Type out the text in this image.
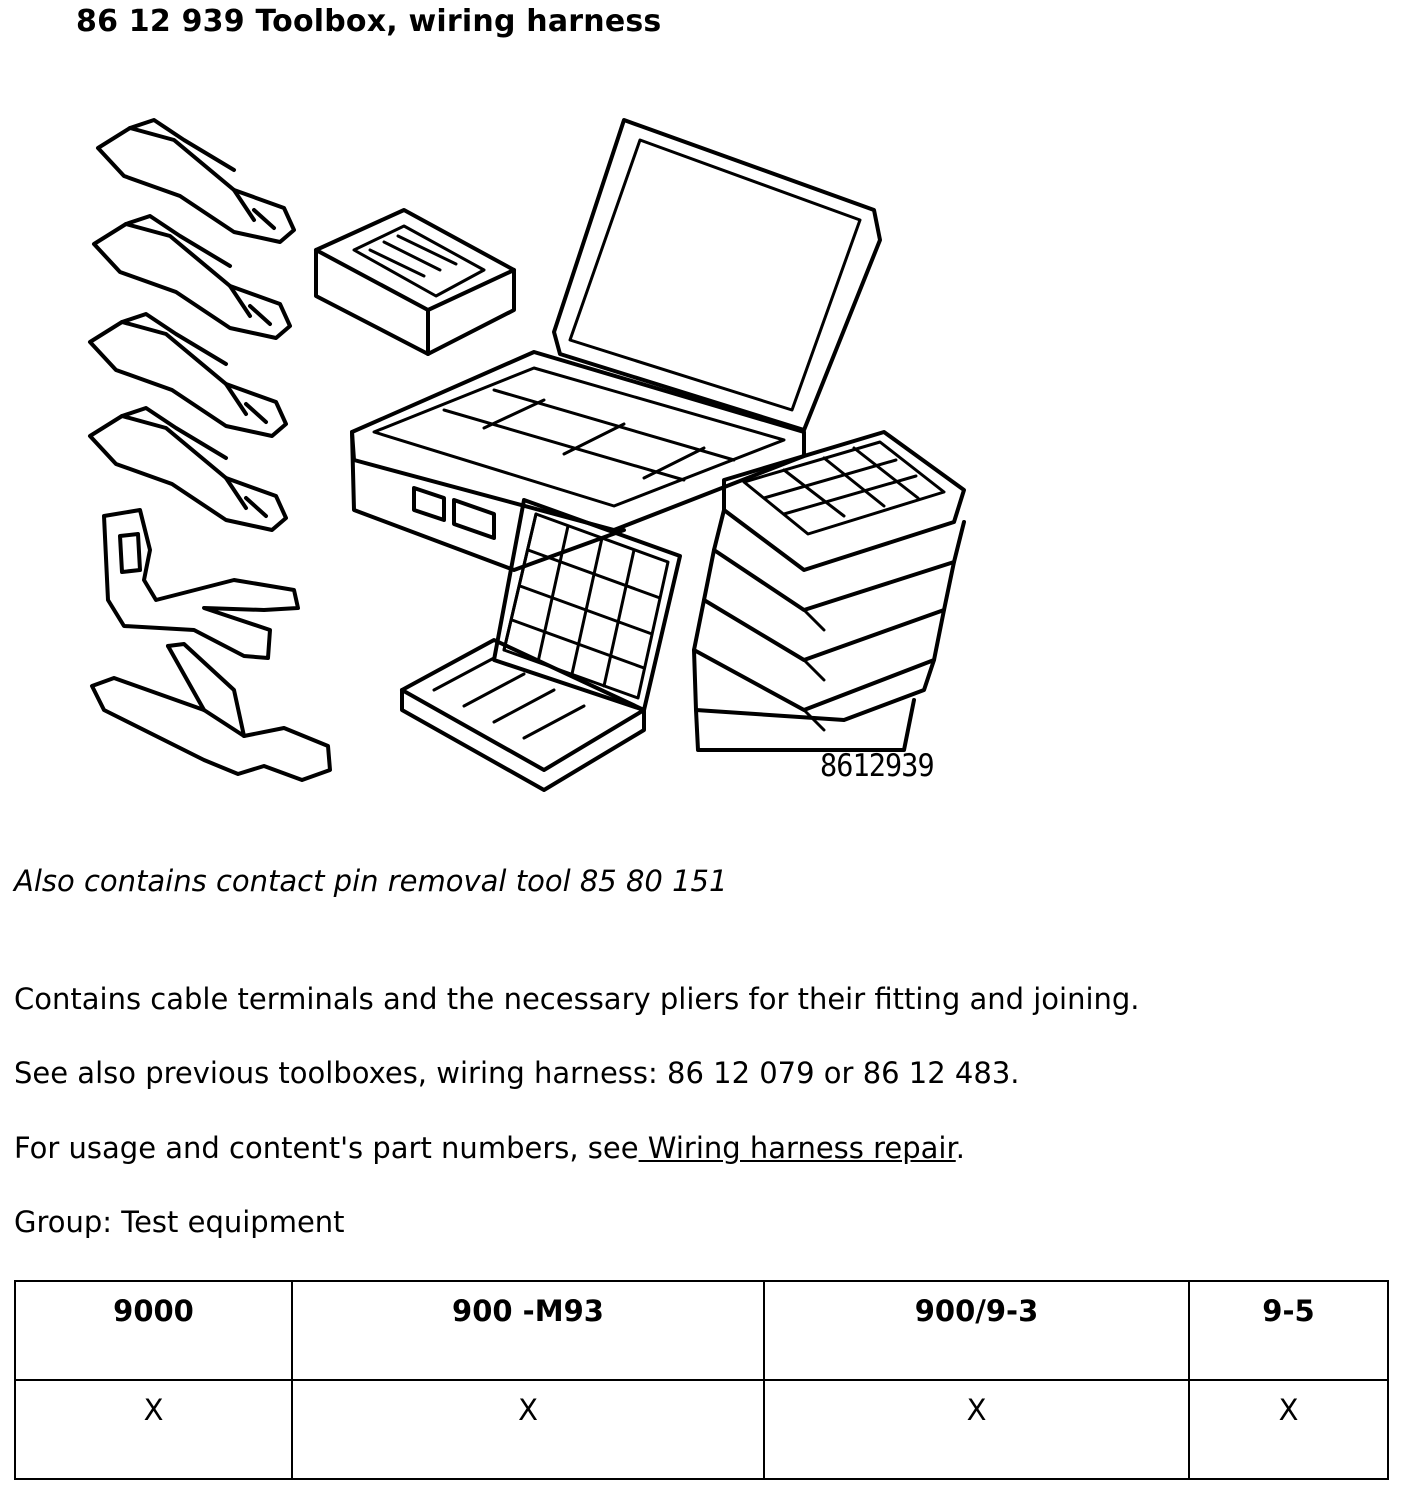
86 12 939 Toolbox, wiring harness
8612939
Also contains contact pin removal tool 85 80 151
Contains cable terminals and the necessary pliers for their fitting and joining.
See also previous toolboxes, wiring harness: 86 12 079 or 86 12 483.
For usage and content's part numbers, see Wiring harness repair.
Group: Test equipment
9000	900 -M93	900/9-3	9-5
X	X	X	X
